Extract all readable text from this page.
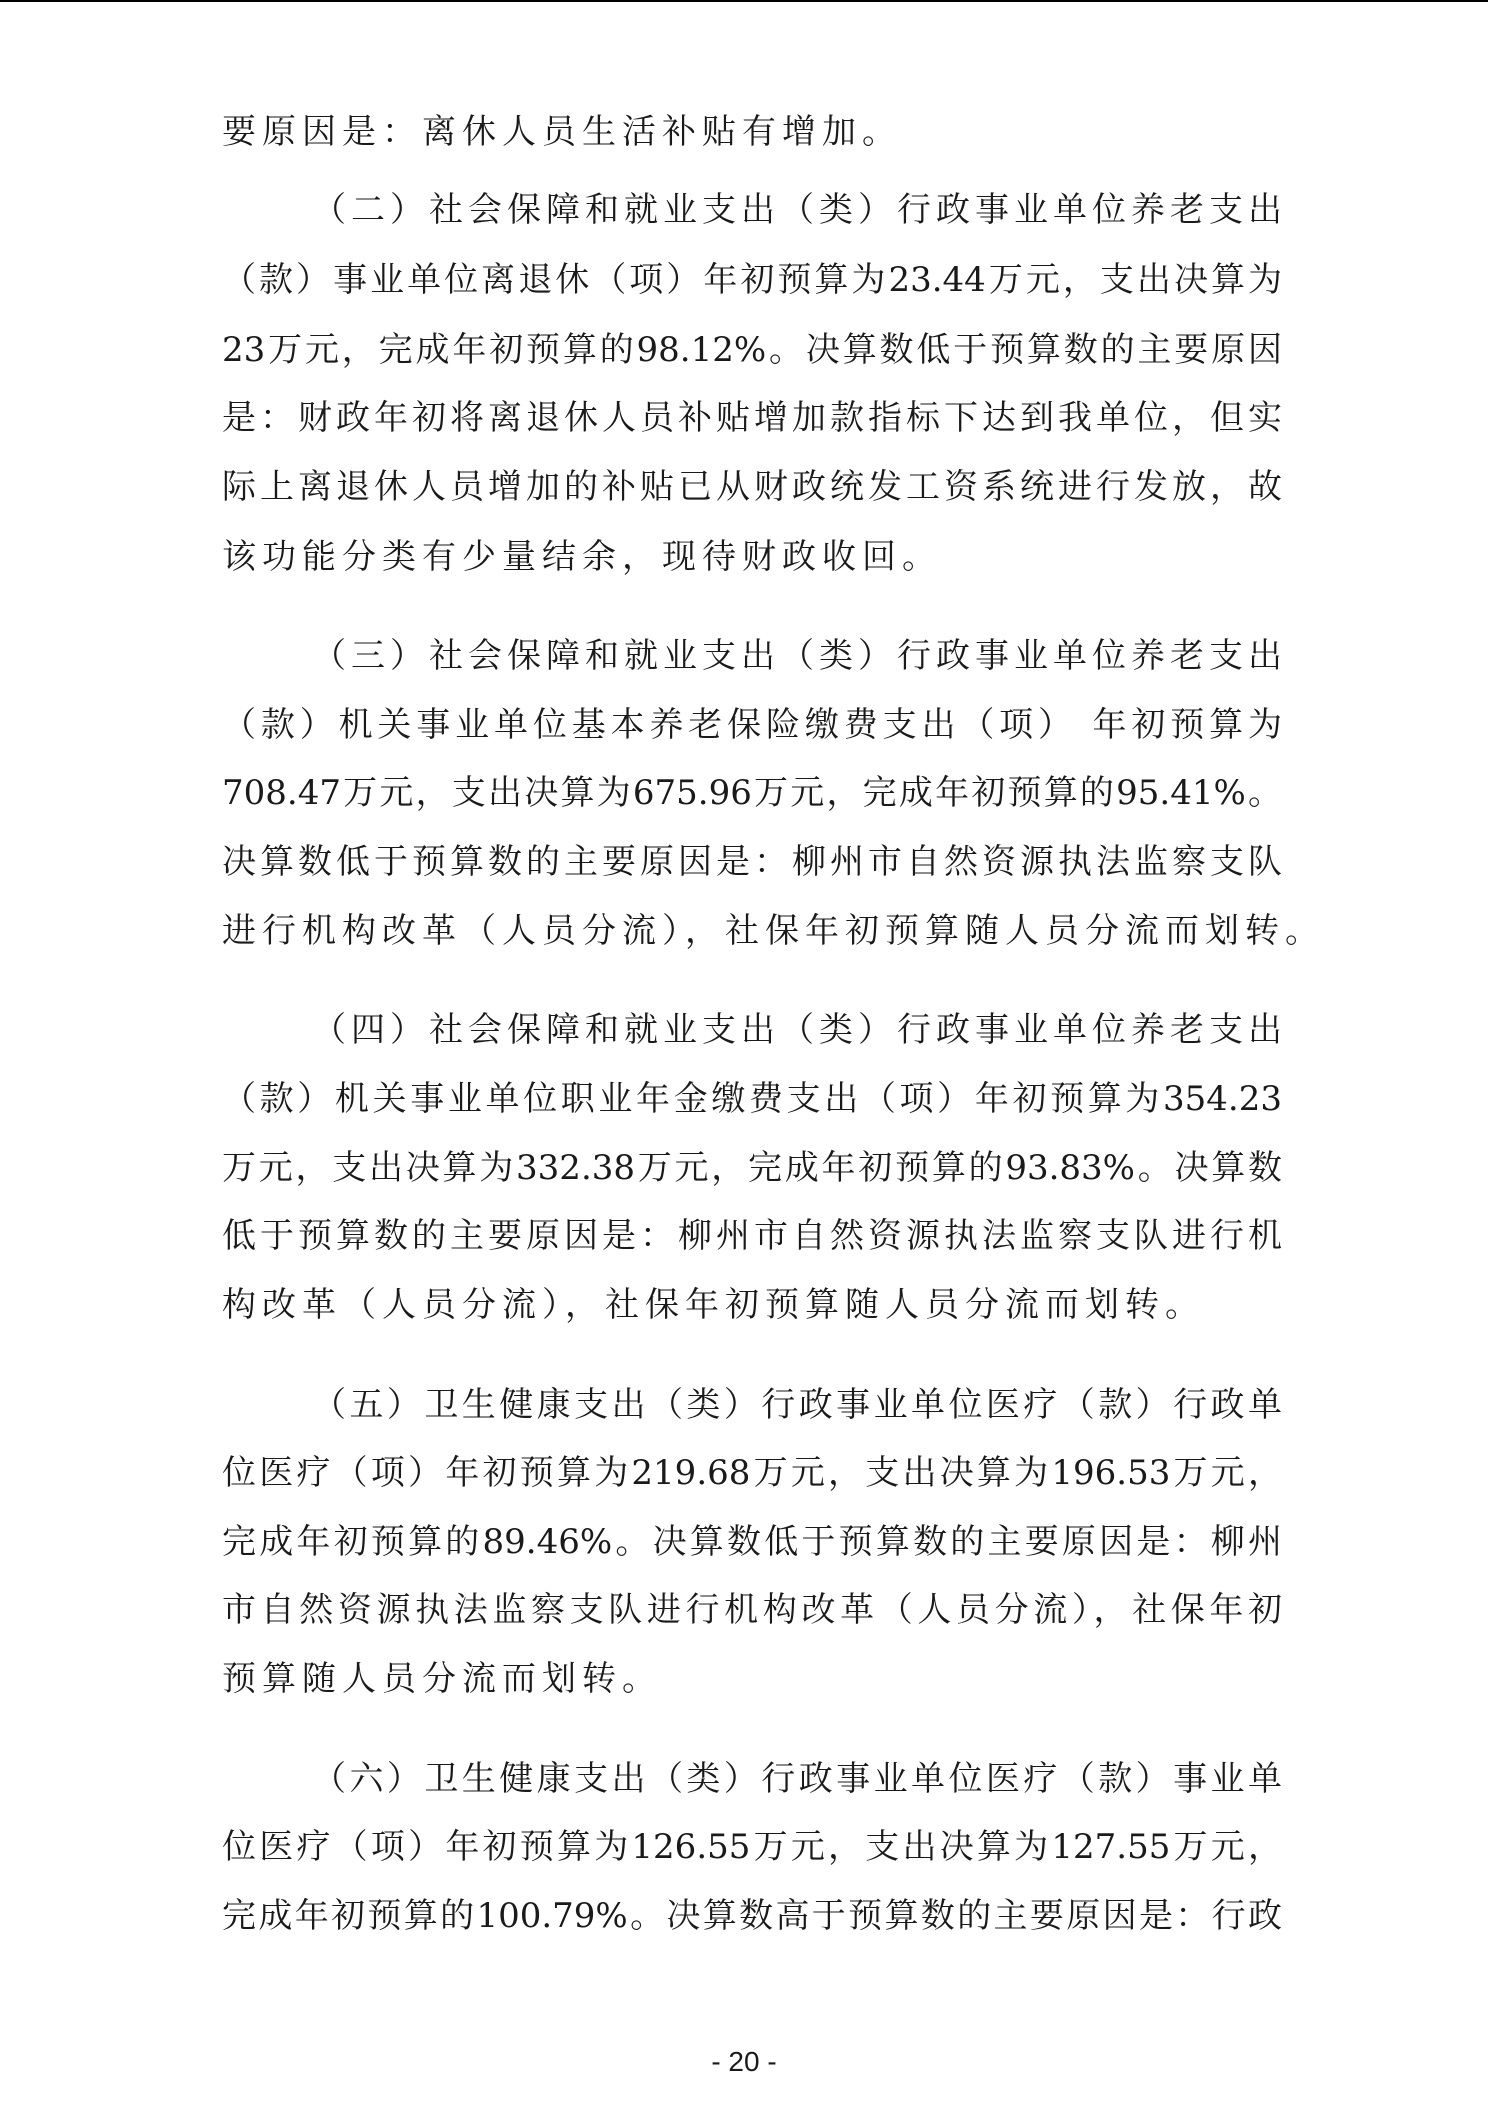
要原因是：离休人员生活补贴有增加。
（二）社会保障和就业支出（类）行政事业单位养老支出
（款）事业单位离退休（项）年初预算为23.44万元，支出决算为
23万元，完成年初预算的98.12%。决算数低于预算数的主要原因
是：财政年初将离退休人员补贴增加款指标下达到我单位，但实
际上离退休人员增加的补贴已从财政统发工资系统进行发放，故
该功能分类有少量结余，现待财政收回。
（三）社会保障和就业支出（类）行政事业单位养老支出
（款）机关事业单位基本养老保险缴费支出（项） 年初预算为
708.47万元，支出决算为675.96万元，完成年初预算的95.41%。
决算数低于预算数的主要原因是：柳州市自然资源执法监察支队
进行机构改革（人员分流），社保年初预算随人员分流而划转。
（四）社会保障和就业支出（类）行政事业单位养老支出
（款）机关事业单位职业年金缴费支出（项）年初预算为354.23
万元，支出决算为332.38万元，完成年初预算的93.83%。决算数
低于预算数的主要原因是：柳州市自然资源执法监察支队进行机
构改革（人员分流），社保年初预算随人员分流而划转。
（五）卫生健康支出（类）行政事业单位医疗（款）行政单
位医疗（项）年初预算为219.68万元，支出决算为196.53万元，
完成年初预算的89.46%。决算数低于预算数的主要原因是：柳州
市自然资源执法监察支队进行机构改革（人员分流），社保年初
预算随人员分流而划转。
（六）卫生健康支出（类）行政事业单位医疗（款）事业单
位医疗（项）年初预算为126.55万元，支出决算为127.55万元，
完成年初预算的100.79%。决算数高于预算数的主要原因是：行政
- 20 -
